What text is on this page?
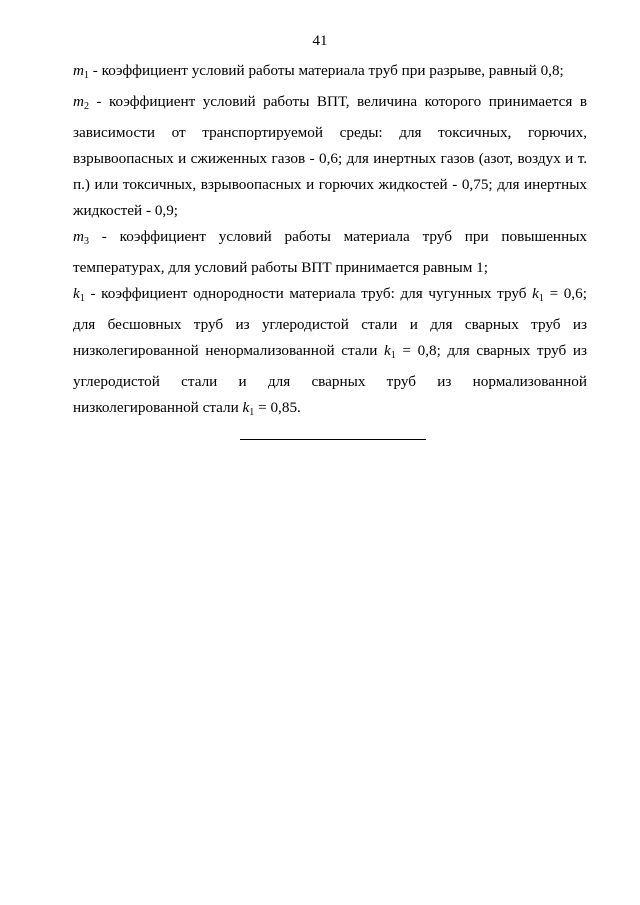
41

$m_1$ - коэффициент условий работы материала труб при разрыве, равный 0,8;

$m_2$ - коэффициент условий работы ВПТ, величина которого принимается в зависимости от транспортируемой среды: для токсичных, горючих, взрывоопасных и сжиженных газов - 0,6; для инертных газов (азот, воздух и т. п.) или токсичных, взрывоопасных и горючих жидкостей - 0,75; для инертных жидкостей - 0,9;

$m_3$ - коэффициент условий работы материала труб при повышенных температурах, для условий работы ВПТ принимается равным 1;

$k_1$ - коэффициент однородности материала труб: для чугунных труб $k_1 = 0,6$; для бесшовных труб из углеродистой стали и для сварных труб из низколегированной ненормализованной стали $k_1 = 0,8$; для сварных труб из углеродистой стали и для сварных труб из нормализованной низколегированной стали $k_1 = 0,85$.
